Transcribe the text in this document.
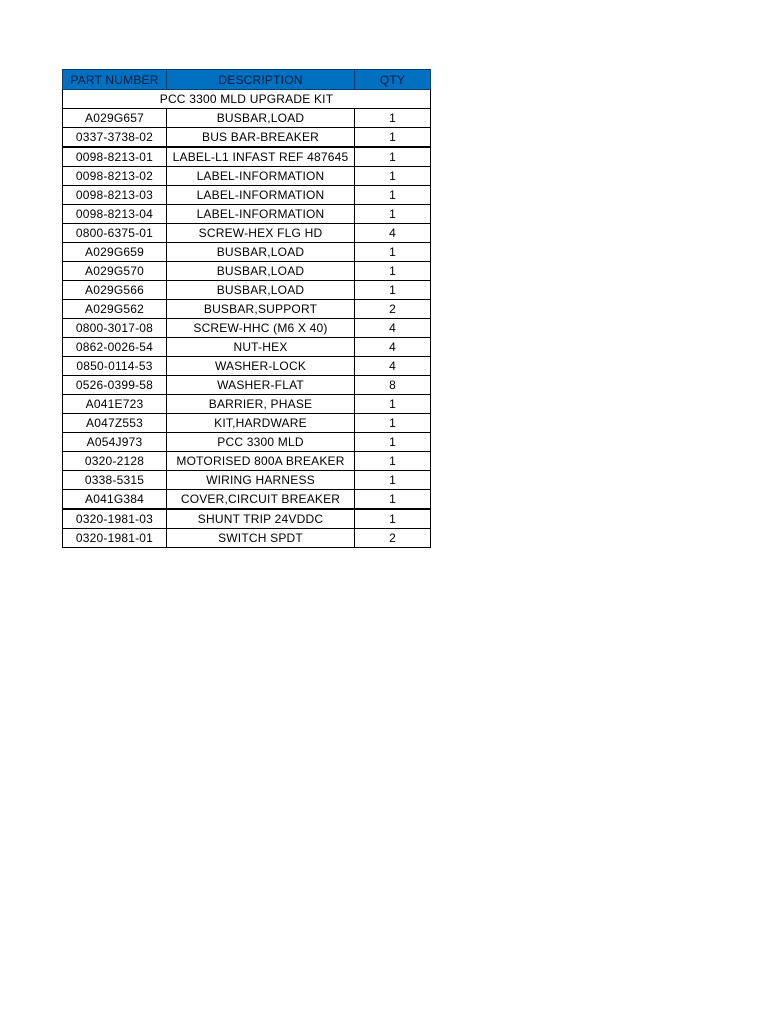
PART NUMBER	DESCRIPTION	QTY
PCC 3300 MLD UPGRADE KIT		
A029G657	BUSBAR,LOAD	1
0337-3738-02	BUS BAR-BREAKER	1
0098-8213-01	LABEL-L1 INFAST REF 487645	1
0098-8213-02	LABEL-INFORMATION	1
0098-8213-03	LABEL-INFORMATION	1
0098-8213-04	LABEL-INFORMATION	1
0800-6375-01	SCREW-HEX FLG HD	4
A029G659	BUSBAR,LOAD	1
A029G570	BUSBAR,LOAD	1
A029G566	BUSBAR,LOAD	1
A029G562	BUSBAR,SUPPORT	2
0800-3017-08	SCREW-HHC (M6 X 40)	4
0862-0026-54	NUT-HEX	4
0850-0114-53	WASHER-LOCK	4
0526-0399-58	WASHER-FLAT	8
A041E723	BARRIER, PHASE	1
A047Z553	KIT,HARDWARE	1
A054J973	PCC 3300 MLD	1
0320-2128	MOTORISED 800A BREAKER	1
0338-5315	WIRING HARNESS	1
A041G384	COVER,CIRCUIT BREAKER	1
0320-1981-03	SHUNT TRIP 24VDDC	1
0320-1981-01	SWITCH SPDT	2
